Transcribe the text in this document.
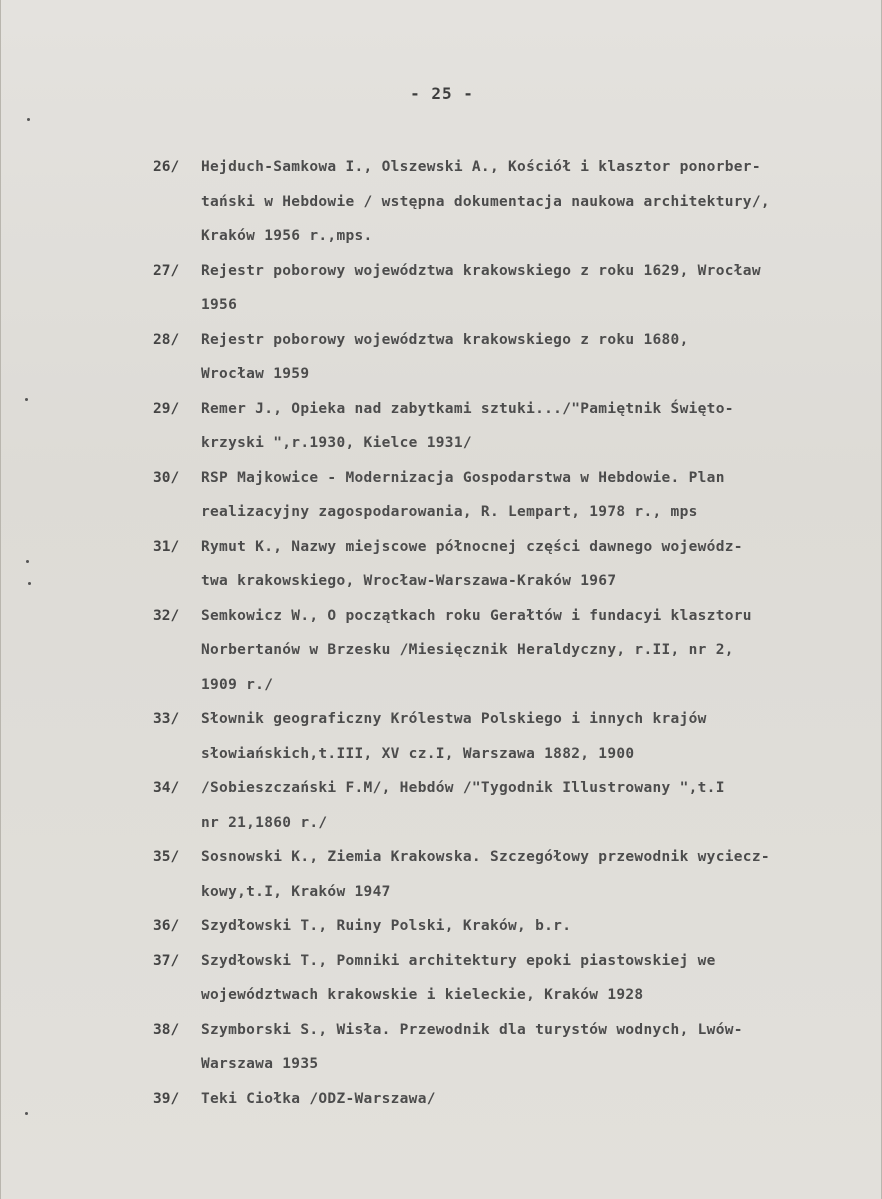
- 25 -
26/	Hejduch-Samkowa I., Olszewski A., Kościół i klasztor ponorber-
tański w Hebdowie / wstępna dokumentacja naukowa architektury/,
Kraków 1956 r.,mps.
27/	Rejestr poborowy województwa krakowskiego z roku 1629, Wrocław
1956
28/	Rejestr poborowy województwa krakowskiego z roku 1680,
Wrocław 1959
29/	Remer J., Opieka nad zabytkami sztuki.../"Pamiętnik Święto-
krzyski ",r.1930, Kielce 1931/
30/	RSP Majkowice - Modernizacja Gospodarstwa w Hebdowie. Plan
realizacyjny zagospodarowania, R. Lempart, 1978 r., mps
31/	Rymut K., Nazwy miejscowe północnej części dawnego wojewódz-
twa krakowskiego, Wrocław-Warszawa-Kraków 1967
32/	Semkowicz W., O początkach roku Gerałtów i fundacyi klasztoru
Norbertanów w Brzesku /Miesięcznik Heraldyczny, r.II, nr 2,
1909 r./
33/	Słownik geograficzny Królestwa Polskiego i innych krajów
słowiańskich,t.III, XV cz.I, Warszawa 1882, 1900
34/	/Sobieszczański F.M/, Hebdów /"Tygodnik Illustrowany ",t.I
nr 21,1860 r./
35/	Sosnowski K., Ziemia Krakowska. Szczegółowy przewodnik wyciecz-
kowy,t.I, Kraków 1947
36/	Szydłowski T., Ruiny Polski, Kraków, b.r.
37/	Szydłowski T., Pomniki architektury epoki piastowskiej we
województwach krakowskie i kieleckie, Kraków 1928
38/	Szymborski S., Wisła. Przewodnik dla turystów wodnych, Lwów-
Warszawa 1935
39/	Teki Ciołka /ODZ-Warszawa/
